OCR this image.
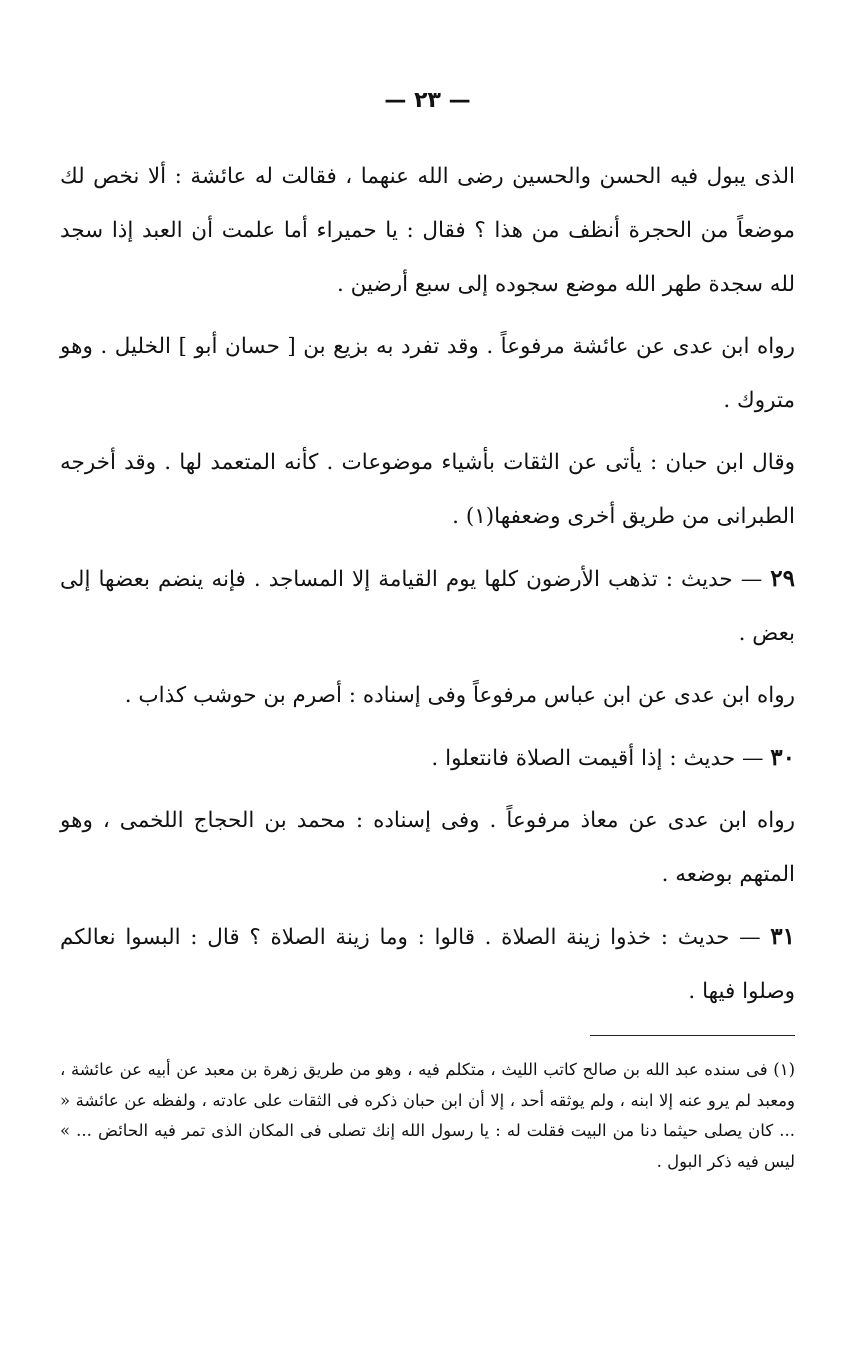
— ٢٣ —

الذى يبول فيه الحسن والحسين رضى الله عنهما ، فقالت له عائشة : ألا نخص لك موضعاً من الحجرة أنظف من هذا ؟ فقال : يا حميراء أما علمت أن العبد إذا سجد لله سجدة طهر الله موضع سجوده إلى سبع أرضين .

رواه ابن عدى عن عائشة مرفوعاً . وقد تفرد به بزيع بن [ حسان أبو ] الخليل . وهو متروك .

وقال ابن حبان : يأتى عن الثقات بأشياء موضوعات . كأنه المتعمد لها . وقد أخرجه الطبرانى من طريق أخرى وضعفها(١) .

٢٩ — حديث : تذهب الأرضون كلها يوم القيامة إلا المساجد . فإنه ينضم بعضها إلى بعض .

رواه ابن عدى عن ابن عباس مرفوعاً وفى إسناده : أصرم بن حوشب كذاب .

٣٠ — حديث : إذا أقيمت الصلاة فانتعلوا .

رواه ابن عدى عن معاذ مرفوعاً . وفى إسناده : محمد بن الحجاج اللخمى ، وهو المتهم بوضعه .

٣١ — حديث : خذوا زينة الصلاة . قالوا : وما زينة الصلاة ؟ قال : البسوا نعالكم وصلوا فيها .

(١) فى سنده عبد الله بن صالح كاتب الليث ، متكلم فيه ، وهو من طريق زهرة بن معبد عن أبيه عن عائشة ، ومعبد لم يرو عنه إلا ابنه ، ولم يوثقه أحد ، إلا أن ابن حبان ذكره فى الثقات على عادته ، ولفظه عن عائشة « ... كان يصلى حيثما دنا من البيت فقلت له : يا رسول الله إنك تصلى فى المكان الذى تمر فيه الحائض ... » ليس فيه ذكر البول .
